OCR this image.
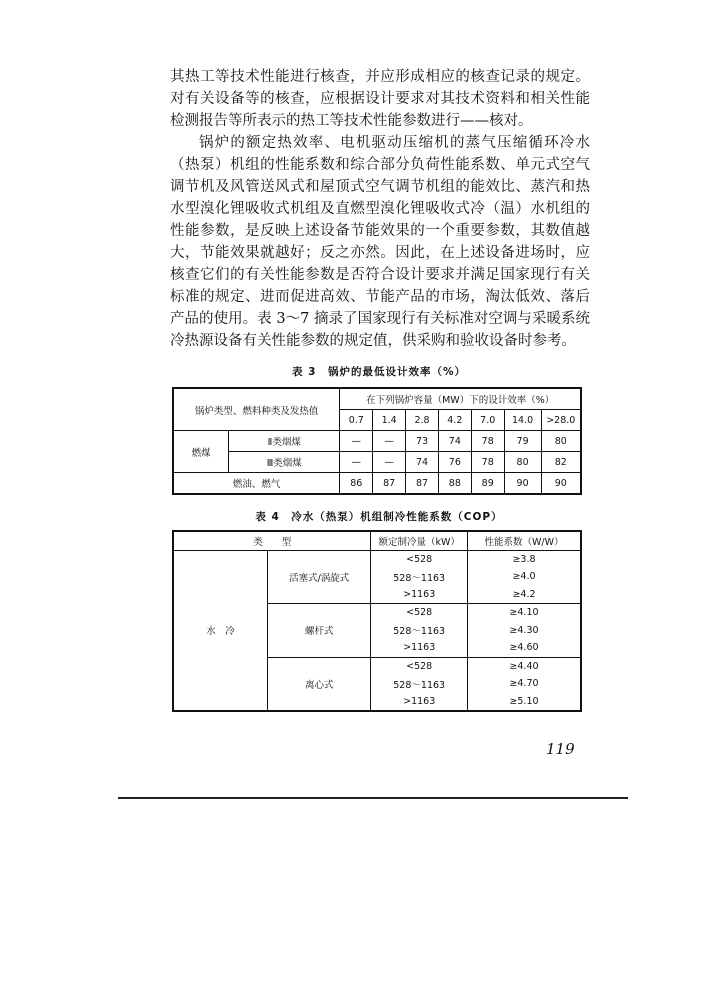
其热工等技术性能进行核查，并应形成相应的核查记录的规定。对有关设备等的核查，应根据设计要求对其技术资料和相关性能检测报告等所表示的热工等技术性能参数进行——核对。

锅炉的额定热效率、电机驱动压缩机的蒸气压缩循环冷水（热泵）机组的性能系数和综合部分负荷性能系数、单元式空气调节机及风管送风式和屋顶式空气调节机组的能效比、蒸汽和热水型溴化锂吸收式机组及直燃型溴化锂吸收式冷（温）水机组的性能参数，是反映上述设备节能效果的一个重要参数，其数值越大，节能效果就越好；反之亦然。因此，在上述设备进场时，应核查它们的有关性能参数是否符合设计要求并满足国家现行有关标准的规定、进而促进高效、节能产品的市场，淘汰低效、落后产品的使用。表 3～7 摘录了国家现行有关标准对空调与采暖系统冷热源设备有关性能参数的规定值，供采购和验收设备时参考。

表 3　锅炉的最低设计效率（%）
锅炉类型、燃料种类及发热值		在下列锅炉容量（MW）下的设计效率（%）						
		0.7	1.4	2.8	4.2	7.0	14.0	>28.0
燃煤	Ⅱ类烟煤	—	—	73	74	78	79	80
	Ⅲ类烟煤	—	—	74	76	78	80	82
燃油、燃气		86	87	87	88	89	90	90
表 4　冷水（热泵）机组制冷性能系数（COP）
类　　型		额定制冷量（kW）	性能系数（W/W）
水　冷	活塞式/涡旋式	<528	≥3.8
		528～1163	≥4.0
		>1163	≥4.2
	螺杆式	<528	≥4.10
		528～1163	≥4.30
		>1163	≥4.60
	离心式	<528	≥4.40
		528～1163	≥4.70
		>1163	≥5.10
119
